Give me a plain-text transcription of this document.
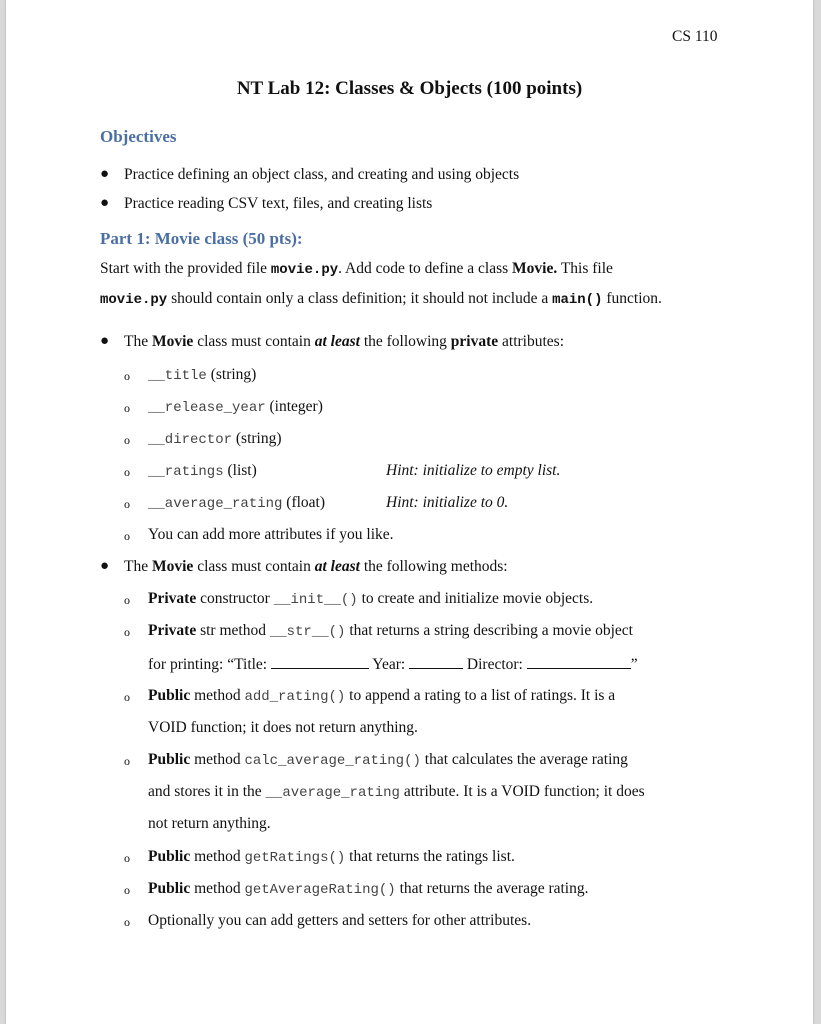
CS 110
NT Lab 12: Classes & Objects (100 points)
Objectives
● Practice defining an object class, and creating and using objects
● Practice reading CSV text, files, and creating lists
Part 1: Movie class (50 pts):
Start with the provided file movie.py. Add code to define a class Movie. This file
movie.py should contain only a class definition; it should not include a main() function.
● The Movie class must contain at least the following private attributes:
o __title (string)
o __release_year (integer)
o __director (string)
o __ratings (list)	Hint: initialize to empty list.
o __average_rating (float)	Hint: initialize to 0.
o You can add more attributes if you like.
● The Movie class must contain at least the following methods:
o Private constructor __init__() to create and initialize movie objects.
o Private str method __str__() that returns a string describing a movie object
for printing: “Title:	Year:	Director:	”
o Public method add_rating() to append a rating to a list of ratings. It is a
VOID function; it does not return anything.
o Public method calc_average_rating() that calculates the average rating
and stores it in the __average_rating attribute. It is a VOID function; it does
not return anything.
o Public method getRatings() that returns the ratings list.
o Public method getAverageRating() that returns the average rating.
o Optionally you can add getters and setters for other attributes.
